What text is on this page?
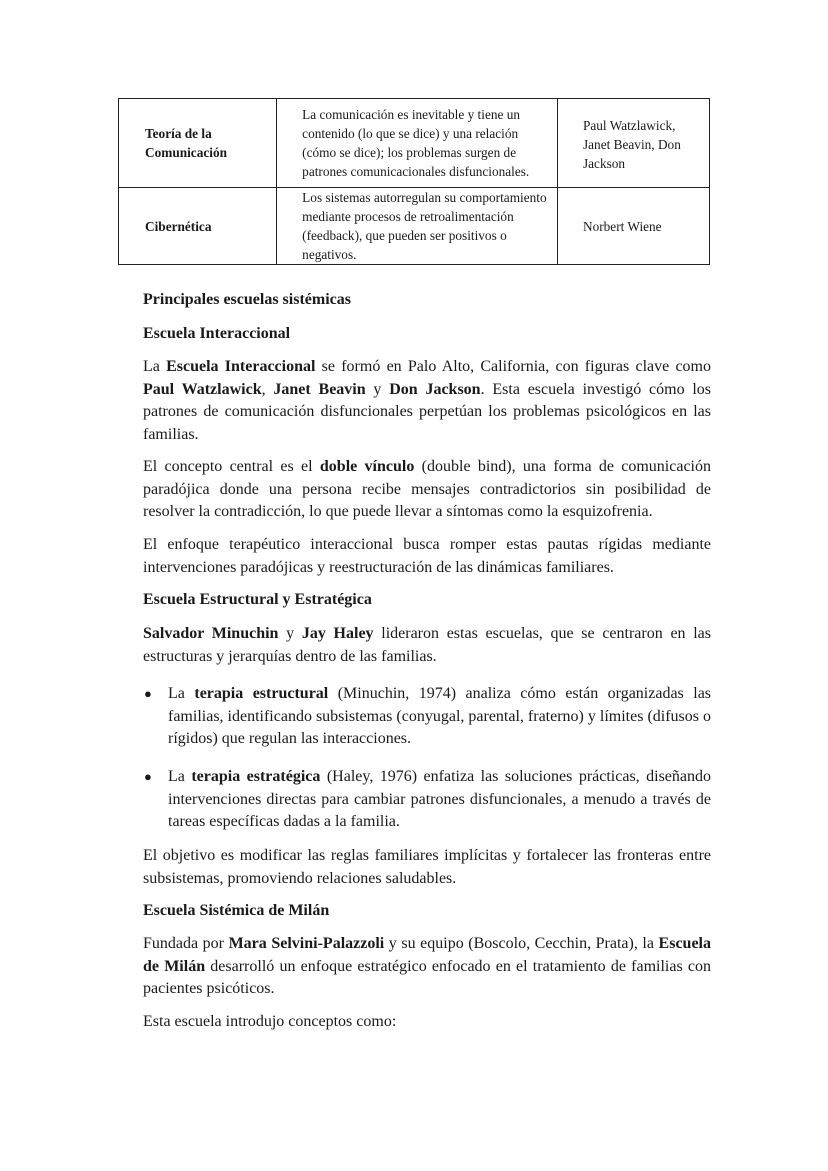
Teoría de la Comunicación	La comunicación es inevitable y tiene un contenido (lo que se dice) y una relación (cómo se dice); los problemas surgen de patrones comunicacionales disfuncionales.	Paul Watzlawick, Janet Beavin, Don Jackson
Cibernética	Los sistemas autorregulan su comportamiento mediante procesos de retroalimentación (feedback), que pueden ser positivos o negativos.	Norbert Wiene
Principales escuelas sistémicas
Escuela Interaccional

La Escuela Interaccional se formó en Palo Alto, California, con figuras clave como Paul Watzlawick, Janet Beavin y Don Jackson. Esta escuela investigó cómo los patrones de comunicación disfuncionales perpetúan los problemas psicológicos en las familias.

El concepto central es el doble vínculo (double bind), una forma de comunicación paradójica donde una persona recibe mensajes contradictorios sin posibilidad de resolver la contradicción, lo que puede llevar a síntomas como la esquizofrenia.

El enfoque terapéutico interaccional busca romper estas pautas rígidas mediante intervenciones paradójicas y reestructuración de las dinámicas familiares.

Escuela Estructural y Estratégica

Salvador Minuchin y Jay Haley lideraron estas escuelas, que se centraron en las estructuras y jerarquías dentro de las familias.

● La terapia estructural (Minuchin, 1974) analiza cómo están organizadas las familias, identificando subsistemas (conyugal, parental, fraterno) y límites (difusos o rígidos) que regulan las interacciones.
● La terapia estratégica (Haley, 1976) enfatiza las soluciones prácticas, diseñando intervenciones directas para cambiar patrones disfuncionales, a menudo a través de tareas específicas dadas a la familia.

El objetivo es modificar las reglas familiares implícitas y fortalecer las fronteras entre subsistemas, promoviendo relaciones saludables.

Escuela Sistémica de Milán

Fundada por Mara Selvini-Palazzoli y su equipo (Boscolo, Cecchin, Prata), la Escuela de Milán desarrolló un enfoque estratégico enfocado en el tratamiento de familias con pacientes psicóticos.

Esta escuela introdujo conceptos como:
